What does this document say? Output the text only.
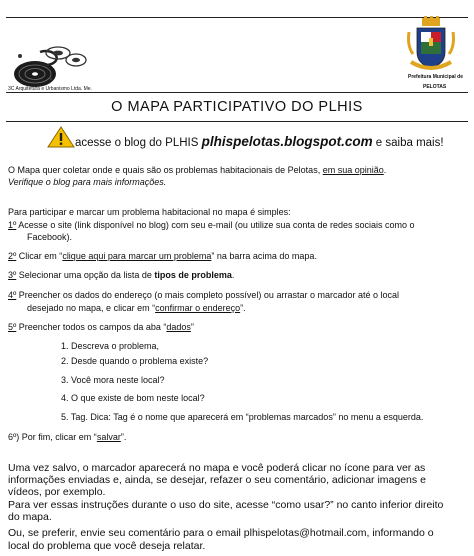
3C Arquitetura e Urbanismo Ltda. Me.
Prefeitura Municipal de
PELOTAS
O MAPA PARTICIPATIVO DO PLHIS
acesse o blog do PLHIS plhispelotas.blogspot.com e saiba mais!
O Mapa quer coletar onde e quais são os problemas habitacionais de Pelotas, em sua opinião.
Verifique o blog para mais informações.
Para participar e marcar um problema habitacional no mapa é simples:
1º Acesse o site (link disponível no blog) com seu e-mail (ou utilize sua conta de redes sociais como o
Facebook).
2º Clicar em “clique aqui para marcar um problema” na barra acima do mapa.
3º Selecionar uma opção da lista de tipos de problema.
4º Preencher os dados do endereço (o mais completo possível) ou arrastar o marcador até o local
desejado no mapa, e clicar em “confirmar o endereço”.
5º Preencher todos os campos da aba “dados”
1. Descreva o problema,
2. Desde quando o problema existe?
3. Você mora neste local?
4. O que existe de bom neste local?
5. Tag. Dica: Tag é o nome que aparecerá em “problemas marcados” no menu a esquerda.
6º) Por fim, clicar em “salvar”.
Uma vez salvo, o marcador aparecerá no mapa e você poderá clicar no ícone para ver as
informações enviadas e, ainda, se desejar, refazer o seu comentário, adicionar imagens e
vídeos, por exemplo.
Para ver essas instruções durante o uso do site, acesse “como usar?” no canto inferior direito
do mapa.
Ou, se preferir, envie seu comentário para o email plhispelotas@hotmail.com, informando o
local do problema que você deseja relatar.
